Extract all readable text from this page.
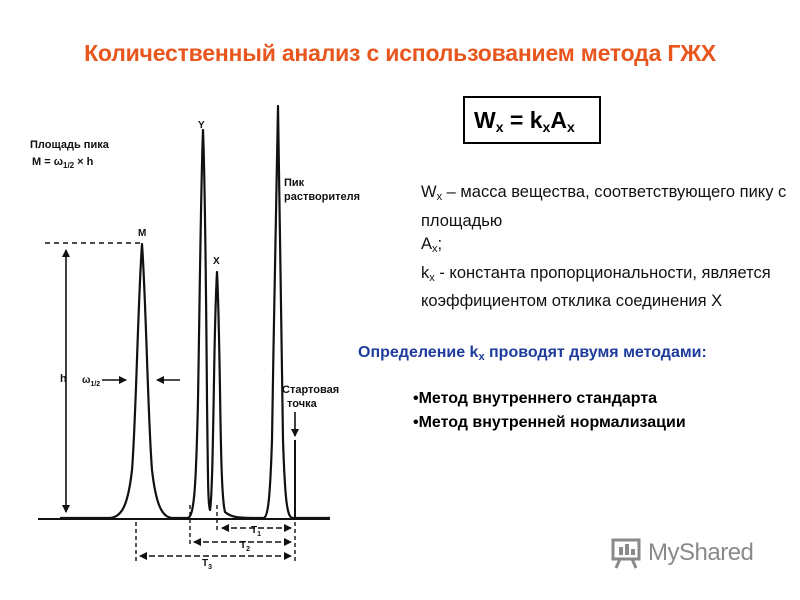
Количественный анализ с использованием метода ГЖХ
$W_x = k_xA_x$
$W_x$ – масса вещества, соответствующего пику с площадью
$A_x$;
$k_x$ - константа пропорциональности, является коэффициентом отклика соединения X
Определение $k_x$ проводят двумя методами:
•Метод внутреннего стандарта
•Метод внутренней нормализации
Площадь пика
$M = \omega_{1/2} \times h$
M
Y
X
Пик
растворителя
Стартовая
точка
h $\omega_{1/2}$
$T_1$
$T_2$
$T_3$
MyShared
